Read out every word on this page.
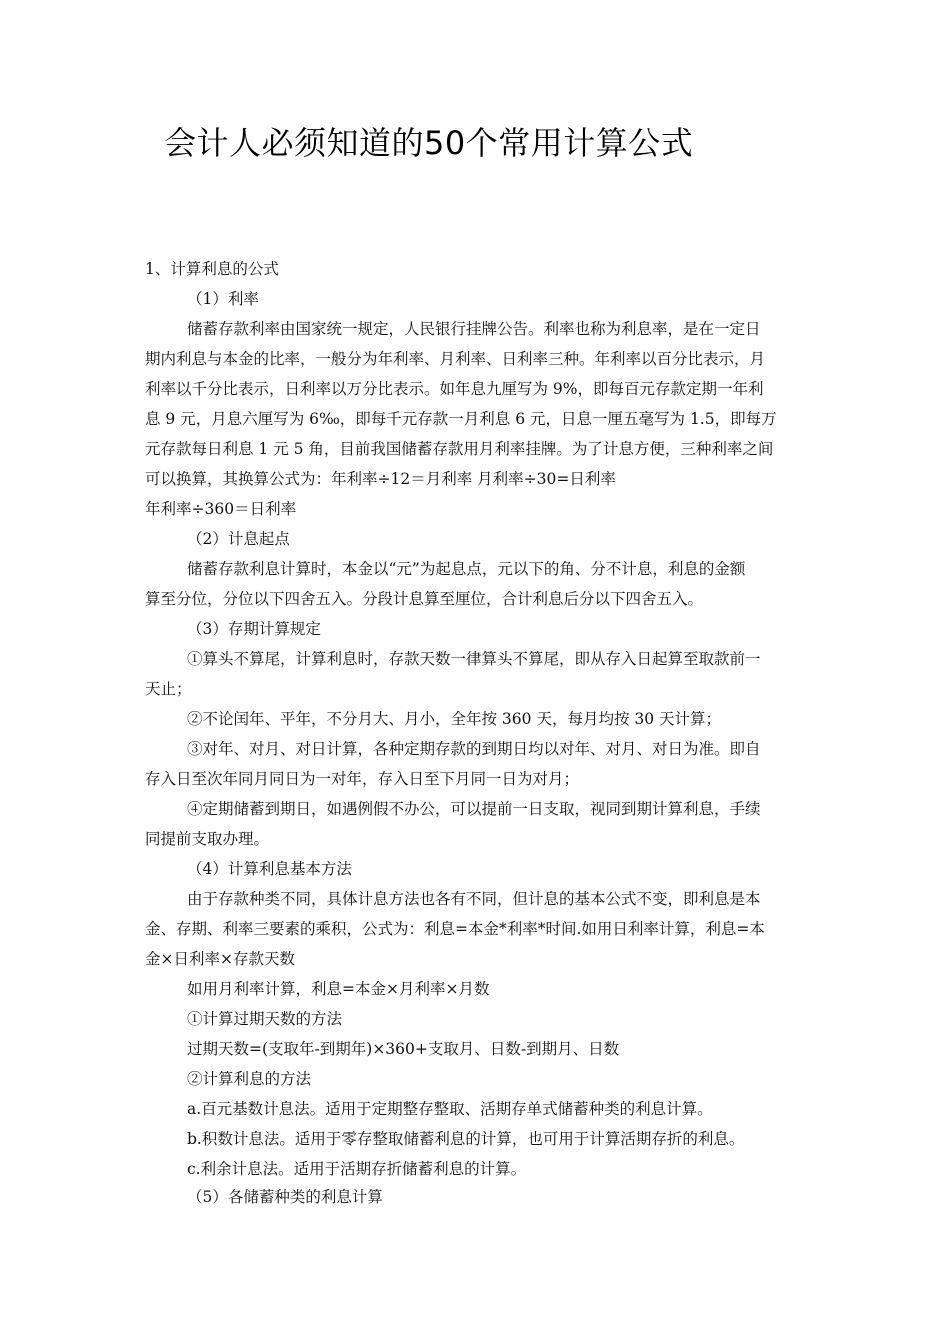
会计人必须知道的50个常用计算公式
1、计算利息的公式
（1）利率
储蓄存款利率由国家统一规定，人民银行挂牌公告。利率也称为利息率，是在一定日
期内利息与本金的比率，一般分为年利率、月利率、日利率三种。年利率以百分比表示，月
利率以千分比表示，日利率以万分比表示。如年息九厘写为 9%，即每百元存款定期一年利
息 9 元，月息六厘写为 6‰，即每千元存款一月利息 6 元，日息一厘五毫写为 1.5，即每万
元存款每日利息 1 元 5 角，目前我国储蓄存款用月利率挂牌。为了计息方便，三种利率之间
可以换算，其换算公式为：年利率÷12＝月利率 月利率÷30=日利率
年利率÷360＝日利率
（2）计息起点
储蓄存款利息计算时，本金以“元”为起息点，元以下的角、分不计息，利息的金额
算至分位，分位以下四舍五入。分段计息算至厘位，合计利息后分以下四舍五入。
（3）存期计算规定
①算头不算尾，计算利息时，存款天数一律算头不算尾，即从存入日起算至取款前一
天止；
②不论闰年、平年，不分月大、月小，全年按 360 天，每月均按 30 天计算；
③对年、对月、对日计算，各种定期存款的到期日均以对年、对月、对日为准。即自
存入日至次年同月同日为一对年，存入日至下月同一日为对月；
④定期储蓄到期日，如遇例假不办公，可以提前一日支取，视同到期计算利息，手续
同提前支取办理。
（4）计算利息基本方法
由于存款种类不同，具体计息方法也各有不同，但计息的基本公式不变，即利息是本
金、存期、利率三要素的乘积，公式为：利息=本金*利率*时间.如用日利率计算，利息=本
金×日利率×存款天数
如用月利率计算，利息=本金×月利率×月数
①计算过期天数的方法
过期天数=(支取年-到期年)×360+支取月、日数-到期月、日数
②计算利息的方法
a.百元基数计息法。适用于定期整存整取、活期存单式储蓄种类的利息计算。
b.积数计息法。适用于零存整取储蓄利息的计算，也可用于计算活期存折的利息。
c.利余计息法。适用于活期存折储蓄利息的计算。
（5）各储蓄种类的利息计算
